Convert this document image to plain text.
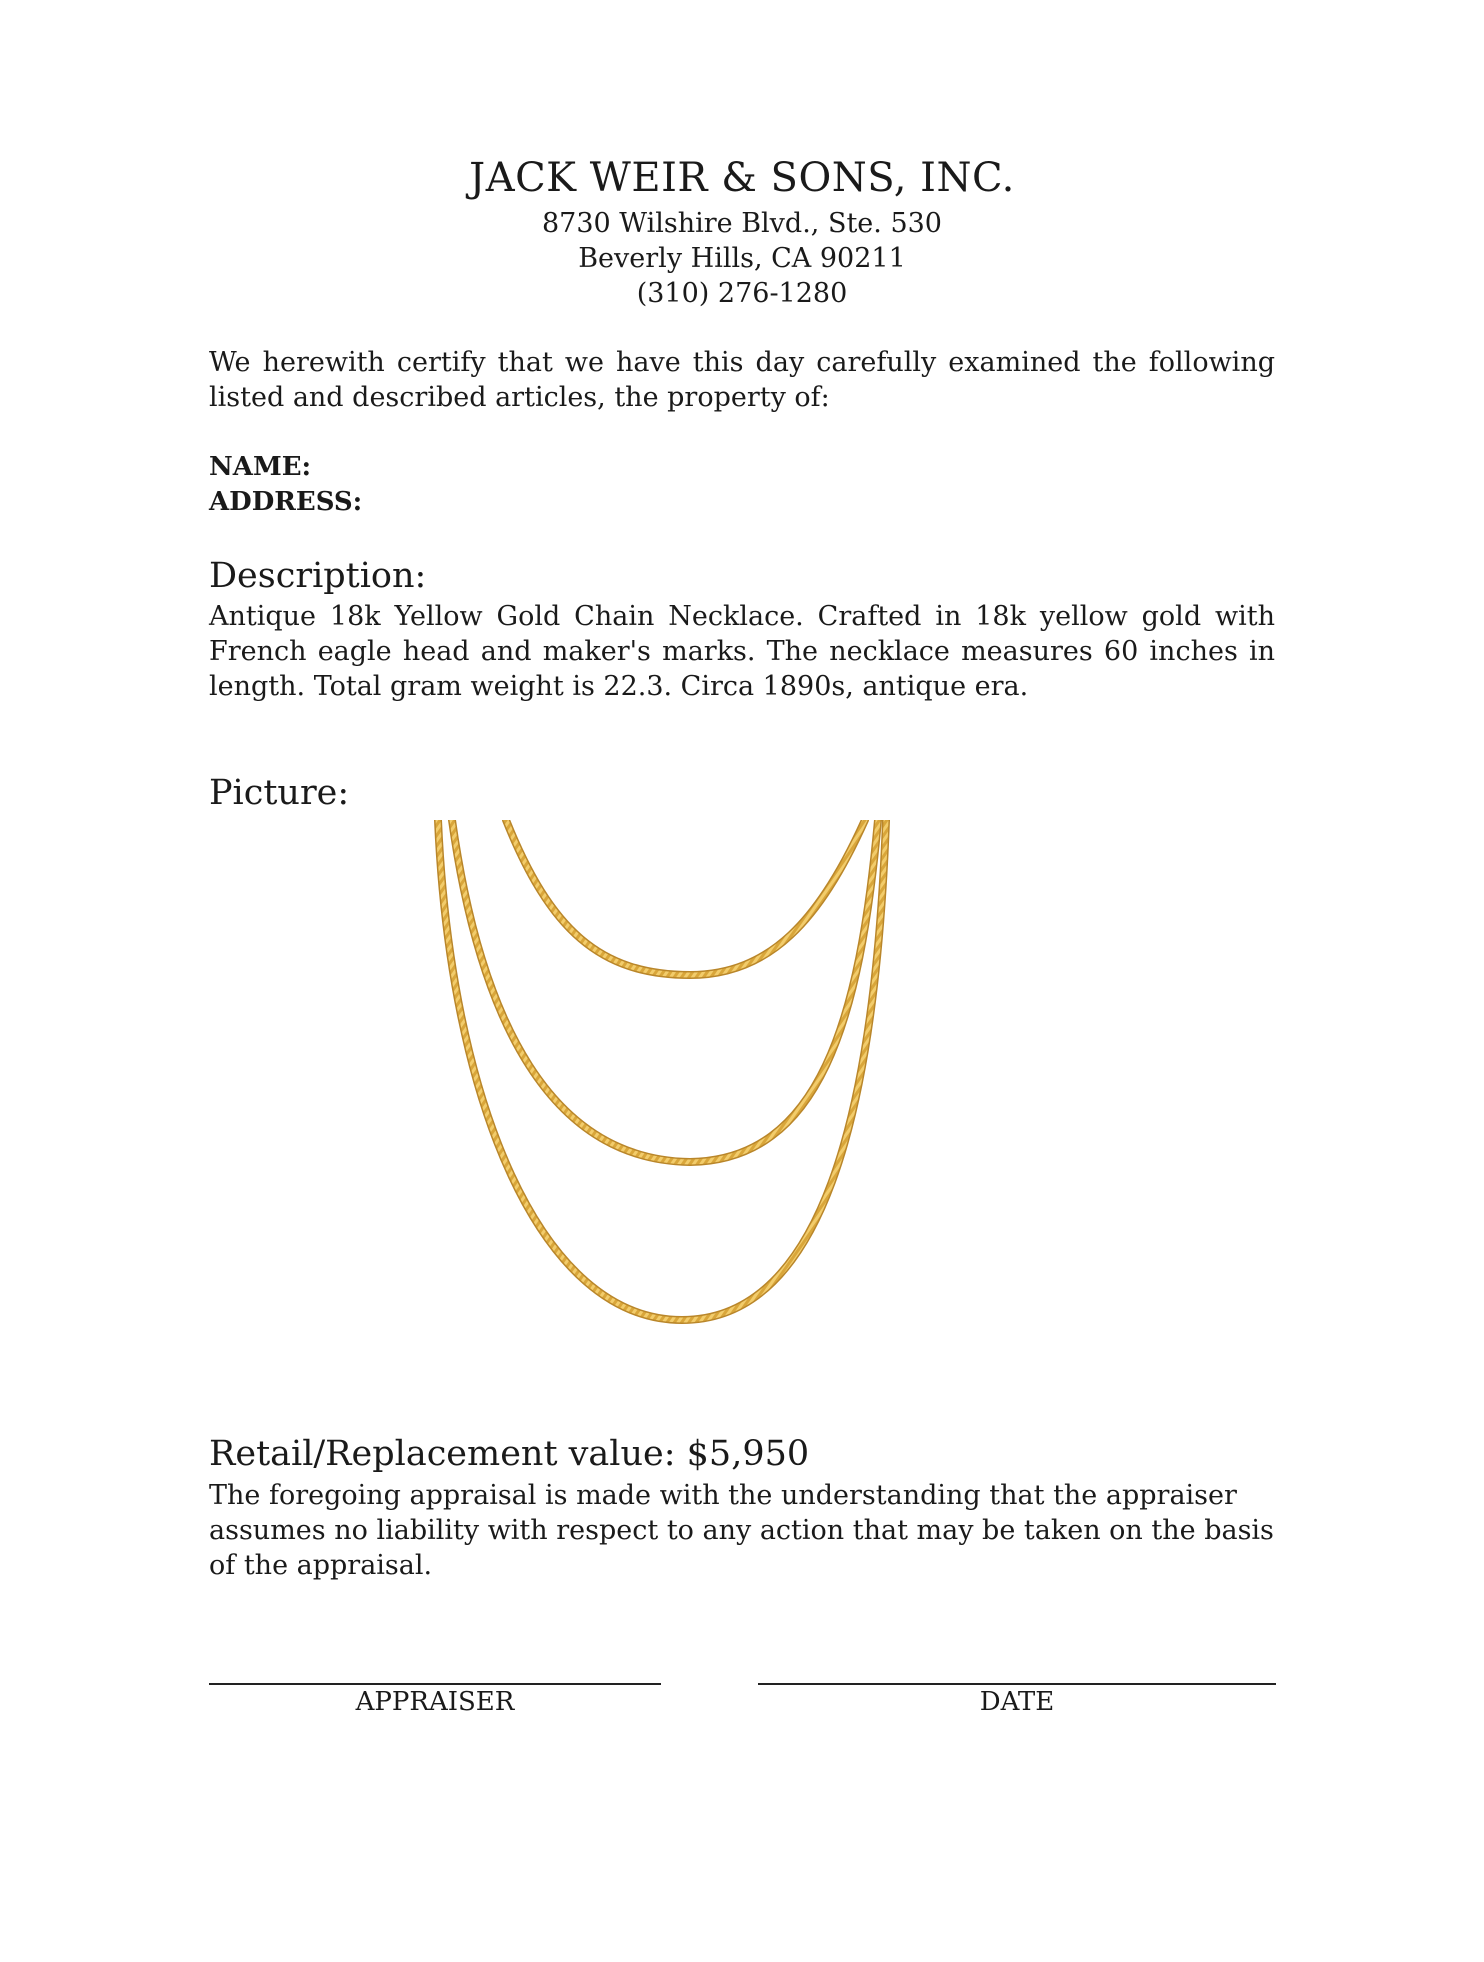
JACK WEIR & SONS, INC.
8730 Wilshire Blvd., Ste. 530
Beverly Hills, CA 90211
(310) 276-1280
We herewith certify that we have this day carefully examined the following listed and described articles, the property of:
NAME:
ADDRESS:
Description:
Antique 18k Yellow Gold Chain Necklace. Crafted in 18k yellow gold with French eagle head and maker's marks. The necklace measures 60 inches in length. Total gram weight is 22.3. Circa 1890s, antique era.
Picture:
Retail/Replacement value: $5,950
The foregoing appraisal is made with the understanding that the appraiser assumes no liability with respect to any action that may be taken on the basis of the appraisal.
APPRAISER	DATE
